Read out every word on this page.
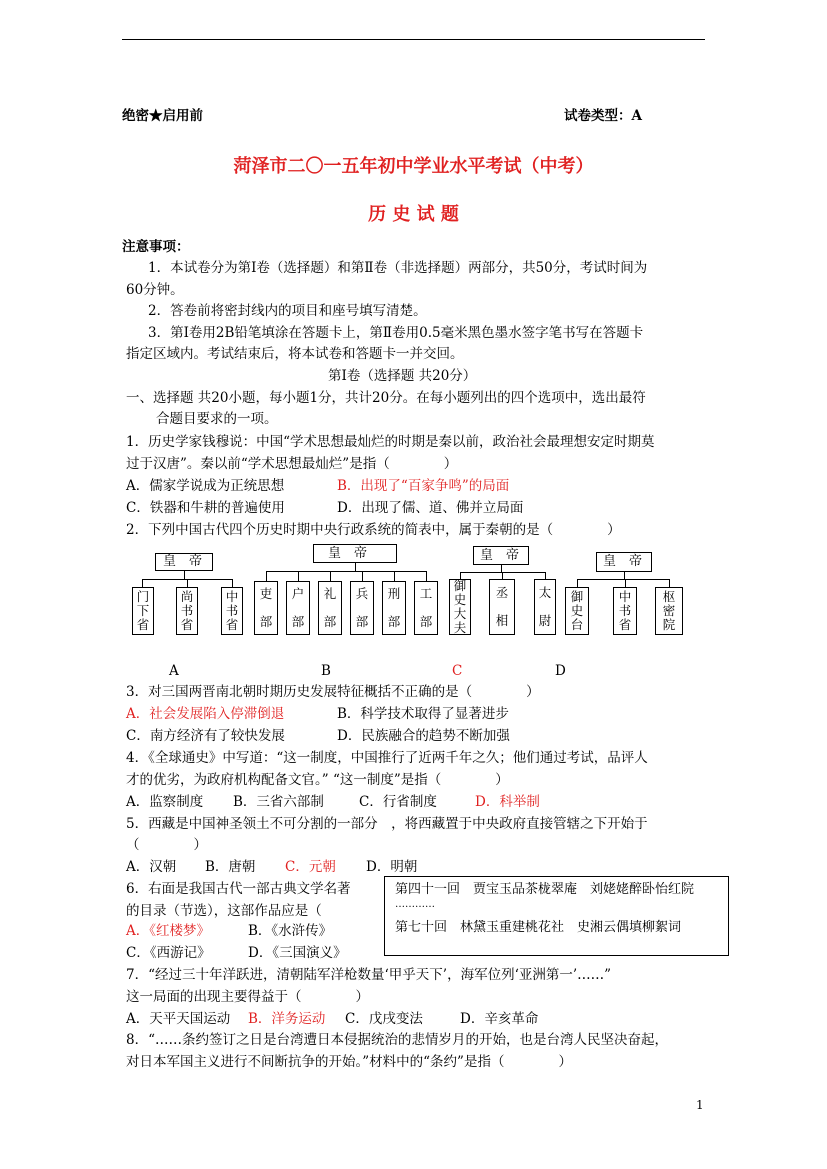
绝密★启用前	试卷类型：A
菏泽市二〇一五年初中学业水平考试（中考）
历 史 试 题
注意事项：
1．本试卷分为第Ⅰ卷（选择题）和第Ⅱ卷（非选择题）两部分，共50分，考试时间为
60分钟。
2．答卷前将密封线内的项目和座号填写清楚。
3．第Ⅰ卷用2B铅笔填涂在答题卡上，第Ⅱ卷用0.5毫米黑色墨水签字笔书写在答题卡
指定区域内。考试结束后，将本试卷和答题卡一并交回。
第Ⅰ卷（选择题 共20分）
一、选择题 共20小题，每小题1分，共计20分。在每小题列出的四个选项中，选出最符
合题目要求的一项。
1．历史学家钱穆说：中国“学术思想最灿烂的时期是秦以前，政治社会最理想安定时期莫
过于汉唐”。秦以前“学术思想最灿烂”是指（　　　　）
A．儒家学说成为正统思想	B．出现了“百家争鸣”的局面
C．铁器和牛耕的普遍使用	D．出现了儒、道、佛并立局面
2．下列中国古代四个历史时期中央行政系统的简表中，属于秦朝的是（　　　　）
皇　帝
门
下
省
尚
书
省
中
书
省
皇　帝
吏
部
户
部
礼
部
兵
部
刑
部
工
部
皇　帝
御
史
大
夫
丞
相
太
尉
皇　帝
御
史
台
中
书
省
枢
密
院
A	B	C	D
3．对三国两晋南北朝时期历史发展特征概括不正确的是（　　　　）
A．社会发展陷入停滞倒退	B．科学技术取得了显著进步
C．南方经济有了较快发展	D．民族融合的趋势不断加强
4．《全球通史》中写道：“这一制度，中国推行了近两千年之久；他们通过考试，品评人
才的优劣，为政府机构配备文官。” “这一制度”是指（　　　　）
A．监察制度 B．三省六部制	C．行省制度	D．科举制
5．西藏是中国神圣领土不可分割的一部分　，将西藏置于中央政府直接管辖之下开始于
（　　　　）
A．汉朝 B．唐朝 C．元朝 D．明朝
6．右面是我国古代一部古典文学名著
的目录（节选），这部作品应是（
A．《红楼梦》	B．《水浒传》
C．《西游记》	D．《三国演义》
第四十一回　贾宝玉品茶栊翠庵　刘姥姥醉卧怡红院
…………
第七十回　林黛玉重建桃花社　史湘云偶填柳絮词
7．“经过三十年洋跃进，清朝陆军洋枪数量‘甲乎天下’，海军位列‘亚洲第一’……”
这一局面的出现主要得益于（　　　　）
A．天平天国运动 B．洋务运动 C．戊戌变法	D．辛亥革命
8．“……条约签订之日是台湾遭日本侵据统治的悲情岁月的开始，也是台湾人民坚决奋起，
对日本军国主义进行不间断抗争的开始。”材料中的“条约”是指（　　　　）
1
